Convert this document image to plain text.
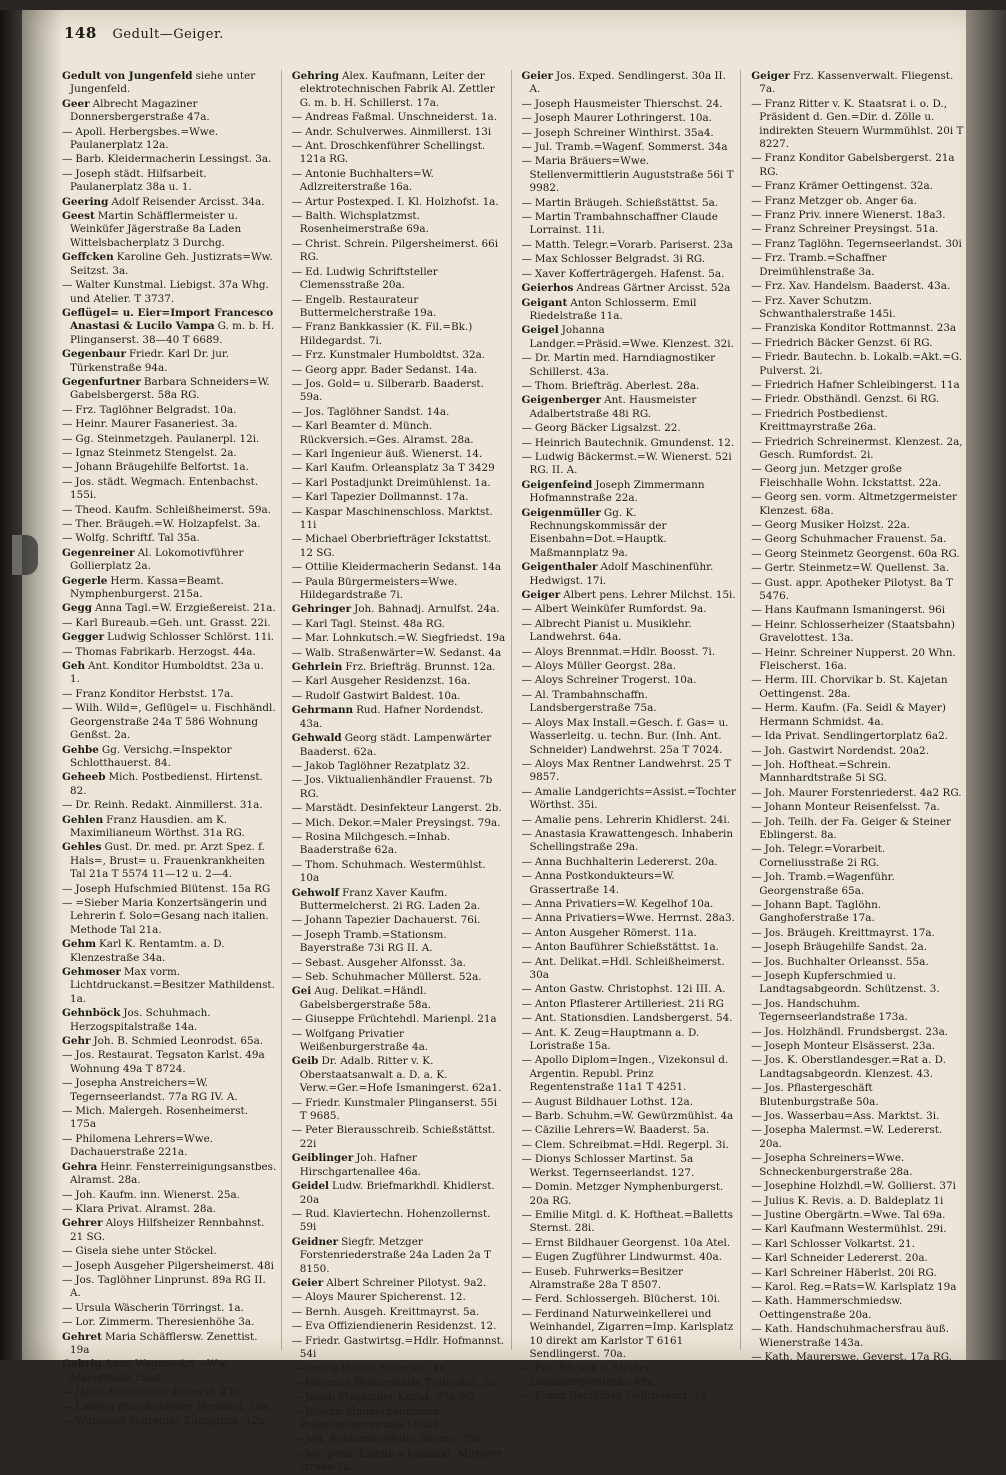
148 Gedult—Geiger.
Gedult von Jungenfeld siehe unter Jungenfeld.
Geer Albrecht Magaziner Donnersbergerstraße 47a.
— Apoll. Herbergsbes.=Wwe. Paulanerplatz 12a.
— Barb. Kleidermacherin Lessingst. 3a.
— Joseph städt. Hilfsarbeit. Paulanerplatz 38a u. 1.
Geering Adolf Reisender Arcisst. 34a.
Geest Martin Schäfflermeister u. Weinküfer Jägerstraße 8a Laden Wittelsbacherplatz 3 Durchg.
Geffcken Karoline Geh. Justizrats=Ww. Seitzst. 3a.
— Walter Kunstmal. Liebigst. 37a Whg. und Atelier. T 3737.
Geflügel= u. Eier=Import Francesco Anastasi & Lucilo Vampa G. m. b. H. Plinganserst. 38—40 T 6689.
Gegenbaur Friedr. Karl Dr. jur. Türkenstraße 94a.
Gegenfurtner Barbara Schneiders=W. Gabelsbergerst. 58a RG.
— Frz. Taglöhner Belgradst. 10a.
— Heinr. Maurer Fasaneriest. 3a.
— Gg. Steinmetzgeh. Paulanerpl. 12i.
— Ignaz Steinmetz Stengelst. 2a.
— Johann Bräugehilfe Belfortst. 1a.
— Jos. städt. Wegmach. Entenbachst. 155i.
— Theod. Kaufm. Schleißheimerst. 59a.
— Ther. Bräugeh.=W. Holzapfelst. 3a.
— Wolfg. Schriftf. Tal 35a.
Gegenreiner Al. Lokomotivführer Gollierplatz 2a.
Gegerle Herm. Kassa=Beamt. Nymphenburgerst. 215a.
Gegg Anna Tagl.=W. Erzgießereist. 21a.
— Karl Bureaub.=Geh. unt. Grasst. 22i.
Gegger Ludwig Schlosser Schlörst. 11i.
— Thomas Fabrikarb. Herzogst. 44a.
Geh Ant. Konditor Humboldtst. 23a u. 1.
— Franz Konditor Herbstst. 17a.
— Wilh. Wild=, Geflügel= u. Fischhändl. Georgenstraße 24a T 586 Wohnung Genßst. 2a.
Gehbe Gg. Versichg.=Inspektor Schlotthauerst. 84.
Geheeb Mich. Postbedienst. Hirtenst. 82.
— Dr. Reinh. Redakt. Ainmillerst. 31a.
Gehlen Franz Hausdien. am K. Maximilianeum Wörthst. 31a RG.
Gehles Gust. Dr. med. pr. Arzt Spez. f. Hals=, Brust= u. Frauenkrankheiten Tal 21a T 5574 11—12 u. 2—4.
— Joseph Hufschmied Blütenst. 15a RG
— =Sieber Maria Konzertsängerin und Lehrerin f. Solo=Gesang nach italien. Methode Tal 21a.
Gehm Karl K. Rentamtm. a. D. Klenzestraße 34a.
Gehmoser Max vorm. Lichtdruckanst.=Besitzer Mathildenst. 1a.
Gehnböck Jos. Schuhmach. Herzogspitalstraße 14a.
Gehr Joh. B. Schmied Leonrodst. 65a.
— Jos. Restaurat. Tegsaton Karlst. 49a Wohnung 49a T 8724.
— Josepha Anstreichers=W. Tegernseerlandst. 77a RG IV. A.
— Mich. Malergeh. Rosenheimerst. 175a
— Philomena Lehrers=Wwe. Dachauerstraße 221a.
Gehra Heinr. Fensterreinigungsanstbes. Alramst. 28a.
— Joh. Kaufm. inn. Wienerst. 25a.
— Klara Privat. Alramst. 28a.
Gehrer Aloys Hilfsheizer Rennbahnst. 21 SG.
— Gisela siehe unter Stöckel.
— Joseph Ausgeher Pilgersheimerst. 48i
— Jos. Taglöhner Linprunst. 89a RG II. A.
— Ursula Wäscherin Törringst. 1a.
— Lor. Zimmerm. Theresienhöhe 3a.
Gehret Maria Schäfflersw. Zenettist. 19a
Gehrig Anna Wagenwärt.=Ww. Marsstraße 15a4.
— Jakob Kunstmaler Bauerst. 47a.
— Ludwig Flaschenfüller Herbstst. 10a.
— Wunibald Schreiner Zugspitzst. 12a.
Gehring Alex. Kaufmann, Leiter der elektrotechnischen Fabrik Al. Zettler G. m. b. H. Schillerst. 17a.
— Andreas Faßmal. Unschneiderst. 1a.
— Andr. Schulverwes. Ainmillerst. 13i
— Ant. Droschkenführer Schellingst. 121a RG.
— Antonie Buchhalters=W. Adlzreiterstraße 16a.
— Artur Postexped. I. Kl. Holzhofst. 1a.
— Balth. Wichsplatzmst. Rosenheimerstraße 69a.
— Christ. Schrein. Pilgersheimerst. 66i RG.
— Ed. Ludwig Schriftsteller Clemensstraße 20a.
— Engelb. Restaurateur Buttermelcherstraße 19a.
— Franz Bankkassier (K. Fil.=Bk.) Hildegardst. 7i.
— Frz. Kunstmaler Humboldtst. 32a.
— Georg appr. Bader Sedanst. 14a.
— Jos. Gold= u. Silberarb. Baaderst. 59a.
— Jos. Taglöhner Sandst. 14a.
— Karl Beamter d. Münch. Rückversich.=Ges. Alramst. 28a.
— Karl Ingenieur äuß. Wienerst. 14.
— Karl Kaufm. Orleansplatz 3a T 3429
— Karl Postadjunkt Dreimühlenst. 1a.
— Karl Tapezier Dollmannst. 17a.
— Kaspar Maschinenschloss. Marktst. 11i
— Michael Oberbriefträger Ickstattst. 12 SG.
— Ottilie Kleidermacherin Sedanst. 14a
— Paula Bürgermeisters=Wwe. Hildegardstraße 7i.
Gehringer Joh. Bahnadj. Arnulfst. 24a.
— Karl Tagl. Steinst. 48a RG.
— Mar. Lohnkutsch.=W. Siegfriedst. 19a
— Walb. Straßenwärter=W. Sedanst. 4a
Gehrlein Frz. Briefträg. Brunnst. 12a.
— Karl Ausgeher Residenzst. 16a.
— Rudolf Gastwirt Baldest. 10a.
Gehrmann Rud. Hafner Nordendst. 43a.
Gehwald Georg städt. Lampenwärter Baaderst. 62a.
— Jakob Taglöhner Rezatplatz 32.
— Jos. Viktualienhändler Frauenst. 7b RG.
— Marstädt. Desinfekteur Langerst. 2b.
— Mich. Dekor.=Maler Preysingst. 79a.
— Rosina Milchgesch.=Inhab. Baaderstraße 62a.
— Thom. Schuhmach. Westermühlst. 10a
Gehwolf Franz Xaver Kaufm. Buttermelcherst. 2i RG. Laden 2a.
— Johann Tapezier Dachauerst. 76i.
— Joseph Tramb.=Stationsm. Bayerstraße 73i RG II. A.
— Sebast. Ausgeher Alfonsst. 3a.
— Seb. Schuhmacher Müllerst. 52a.
Gei Aug. Delikat.=Händl. Gabelsbergerstraße 58a.
— Giuseppe Früchtehdl. Marienpl. 21a
— Wolfgang Privatier Weißenburgerstraße 4a.
Geib Dr. Adalb. Ritter v. K. Oberstaatsanwalt a. D. a. K. Verw.=Ger.=Hofe Ismaningerst. 62a1.
— Friedr. Kunstmaler Plinganserst. 55i T 9685.
— Peter Bierausschreib. Schießstättst. 22i
Geiblinger Joh. Hafner Hirschgartenallee 46a.
Geidel Ludw. Briefmarkhdl. Khidlerst. 20a
— Rud. Klaviertechn. Hohenzollernst. 59i
Geidner Siegfr. Metzger Forstenriederstraße 24a Laden 2a T 8150.
Geier Albert Schreiner Pilotyst. 9a2.
— Aloys Maurer Spicherenst. 12.
— Bernh. Ausgeh. Kreittmayrst. 5a.
— Eva Offiziendienerin Residenzst. 12.
— Friedr. Gastwirtsg.=Hdlr. Hofmannst. 54i
— Georg Heizer Schornst. 4a.
— Heinrich Brauereiarb. Tulbeckst. 32.
— Jakob Magaziner Karlst. 77a SG.
— Johann Zimmerkaufmann Rosenheimerstraße 113a2.
— Joh. Rentamtsgehilfe Steinst. 79a.
— Jos. pens. Eisenb.=Kondukt. Mitterer straße 7a.
Geier Jos. Exped. Sendlingerst. 30a II. A.
— Joseph Hausmeister Thierschst. 24.
— Joseph Maurer Lothringerst. 10a.
— Joseph Schreiner Winthirst. 35a4.
— Jul. Tramb.=Wagenf. Sommerst. 34a
— Maria Bräuers=Wwe. Stellenvermittlerin Auguststraße 56i T 9982.
— Martin Bräugeh. Schießstättst. 5a.
— Martin Trambahnschaffner Claude Lorrainst. 11i.
— Matth. Telegr.=Vorarb. Pariserst. 23a
— Max Schlosser Belgradst. 3i RG.
— Xaver Kofferträgergeh. Hafenst. 5a.
Geierhos Andreas Gärtner Arcisst. 52a
Geigant Anton Schlosserm. Emil Riedelstraße 11a.
Geigel Johanna Landger.=Präsid.=Wwe. Klenzest. 32i.
— Dr. Martin med. Harndiagnostiker Schillerst. 43a.
— Thom. Briefträg. Aberlest. 28a.
Geigenberger Ant. Hausmeister Adalbertstraße 48i RG.
— Georg Bäcker Ligsalzst. 22.
— Heinrich Bautechnik. Gmundenst. 12.
— Ludwig Bäckermst.=W. Wienerst. 52i RG. II. A.
Geigenfeind Joseph Zimmermann Hofmannstraße 22a.
Geigenmüller Gg. K. Rechnungskommissär der Eisenbahn=Dot.=Hauptk. Maßmannplatz 9a.
Geigenthaler Adolf Maschinenführ. Hedwigst. 17i.
Geiger Albert pens. Lehrer Milchst. 15i.
— Albert Weinküfer Rumfordst. 9a.
— Albrecht Pianist u. Musiklehr. Landwehrst. 64a.
— Aloys Brennmat.=Hdlr. Boosst. 7i.
— Aloys Müller Georgst. 28a.
— Aloys Schreiner Trogerst. 10a.
— Al. Trambahnschaffn. Landsbergerstraße 75a.
— Aloys Max Install.=Gesch. f. Gas= u. Wasserleitg. u. techn. Bur. (Inh. Ant. Schneider) Landwehrst. 25a T 7024.
— Aloys Max Rentner Landwehrst. 25 T 9857.
— Amalie Landgerichts=Assist.=Tochter Wörthst. 35i.
— Amalie pens. Lehrerin Khidlerst. 24i.
— Anastasia Krawattengesch. Inhaberin Schellingstraße 29a.
— Anna Buchhalterin Ledererst. 20a.
— Anna Postkondukteurs=W. Grassertraße 14.
— Anna Privatiers=W. Kegelhof 10a.
— Anna Privatiers=Wwe. Herrnst. 28a3.
— Anton Ausgeher Römerst. 11a.
— Anton Bauführer Schießstättst. 1a.
— Ant. Delikat.=Hdl. Schleißheimerst. 30a
— Anton Gastw. Christophst. 12i III. A.
— Anton Pflasterer Artilleriest. 21i RG
— Ant. Stationsdien. Landsbergerst. 54.
— Ant. K. Zeug=Hauptmann a. D. Loristraße 15a.
— Apollo Diplom=Ingen., Vizekonsul d. Argentin. Republ. Prinz Regentenstraße 11a1 T 4251.
— August Bildhauer Lothst. 12a.
— Barb. Schuhm.=W. Gewürzmühlst. 4a
— Cäzilie Lehrers=W. Baaderst. 5a.
— Clem. Schreibmat.=Hdl. Regerpl. 3i.
— Dionys Schlosser Martinst. 5a Werkst. Tegernseerlandst. 127.
— Domin. Metzger Nymphenburgerst. 20a RG.
— Emilie Mitgl. d. K. Hoftheat.=Balletts Sternst. 28i.
— Ernst Bildhauer Georgenst. 10a Atel.
— Eugen Zugführer Lindwurmst. 40a.
— Euseb. Fuhrwerks=Besitzer Alramstraße 28a T 8507.
— Ferd. Schlossergeh. Blücherst. 10i.
— Ferdinand Naturweinkellerei und Weinhandel, Zigarren=Imp. Karlsplatz 10 direkt am Karlstor T 6161 Sendlingerst. 70a.
— Frz. Bäcker u. Melber Landsbergerstraße 69a.
— Franz Bauführer Gabrielenst. 1a.
Geiger Frz. Kassenverwalt. Fliegenst. 7a.
— Franz Ritter v. K. Staatsrat i. o. D., Präsident d. Gen.=Dir. d. Zölle u. indirekten Steuern Wurmmühlst. 20i T 8227.
— Franz Konditor Gabelsbergerst. 21a RG.
— Franz Krämer Oettingenst. 32a.
— Franz Metzger ob. Anger 6a.
— Franz Priv. innere Wienerst. 18a3.
— Franz Schreiner Preysingst. 51a.
— Franz Taglöhn. Tegernseerlandst. 30i
— Frz. Tramb.=Schaffner Dreimühlenstraße 3a.
— Frz. Xav. Handelsm. Baaderst. 43a.
— Frz. Xaver Schutzm. Schwanthalerstraße 145i.
— Franziska Konditor Rottmannst. 23a
— Friedrich Bäcker Genzst. 6i RG.
— Friedr. Bautechn. b. Lokalb.=Akt.=G. Pulverst. 2i.
— Friedrich Hafner Schleibingerst. 11a
— Friedr. Obsthändl. Genzst. 6i RG.
— Friedrich Postbedienst. Kreittmayrstraße 26a.
— Friedrich Schreinermst. Klenzest. 2a, Gesch. Rumfordst. 2i.
— Georg jun. Metzger große Fleischhalle Wohn. Ickstattst. 22a.
— Georg sen. vorm. Altmetzgermeister Klenzest. 68a.
— Georg Musiker Holzst. 22a.
— Georg Schuhmacher Frauenst. 5a.
— Georg Steinmetz Georgenst. 60a RG.
— Gertr. Steinmetz=W. Quellenst. 3a.
— Gust. appr. Apotheker Pilotyst. 8a T 5476.
— Hans Kaufmann Ismaningerst. 96i
— Heinr. Schlosserheizer (Staatsbahn) Gravelottest. 13a.
— Heinr. Schreiner Nupperst. 20 Whn. Fleischerst. 16a.
— Herm. III. Chorvikar b. St. Kajetan Oettingenst. 28a.
— Herm. Kaufm. (Fa. Seidl & Mayer) Hermann Schmidst. 4a.
— Ida Privat. Sendlingertorplatz 6a2.
— Joh. Gastwirt Nordendst. 20a2.
— Joh. Hoftheat.=Schrein. Mannhardtstraße 5i SG.
— Joh. Maurer Forstenriederst. 4a2 RG.
— Johann Monteur Reisenfelsst. 7a.
— Joh. Teilh. der Fa. Geiger & Steiner Eblingerst. 8a.
— Joh. Telegr.=Vorarbeit. Corneliusstraße 2i RG.
— Joh. Tramb.=Wagenführ. Georgenstraße 65a.
— Johann Bapt. Taglöhn. Ganghoferstraße 17a.
— Jos. Bräugeh. Kreittmayrst. 17a.
— Joseph Bräugehilfe Sandst. 2a.
— Jos. Buchhalter Orleansst. 55a.
— Joseph Kupferschmied u. Landtagsabgeordn. Schützenst. 3.
— Jos. Handschuhm. Tegernseerlandstraße 173a.
— Jos. Holzhändl. Frundsbergst. 23a.
— Joseph Monteur Elsässerst. 23a.
— Jos. K. Oberstlandesger.=Rat a. D. Landtagsabgeordn. Klenzest. 43.
— Jos. Pflastergeschäft Blutenburgstraße 50a.
— Jos. Wasserbau=Ass. Marktst. 3i.
— Josepha Malermst.=W. Ledererst. 20a.
— Josepha Schreiners=Wwe. Schneckenburgerstraße 28a.
— Josephine Holzhdl.=W. Gollierst. 37i
— Julius K. Revis. a. D. Baldeplatz 1i
— Justine Obergärtn.=Wwe. Tal 69a.
— Karl Kaufmann Westermühlst. 29i.
— Karl Schlosser Volkartst. 21.
— Karl Schneider Ledererst. 20a.
— Karl Schreiner Häberlst. 20i RG.
— Karol. Reg.=Rats=W. Karlsplatz 19a
— Kath. Hammerschmiedsw. Oettingenstraße 20a.
— Kath. Handschuhmachersfrau äuß. Wienerstraße 143a.
— Kath. Maurerswe. Geyerst. 17a RG.
